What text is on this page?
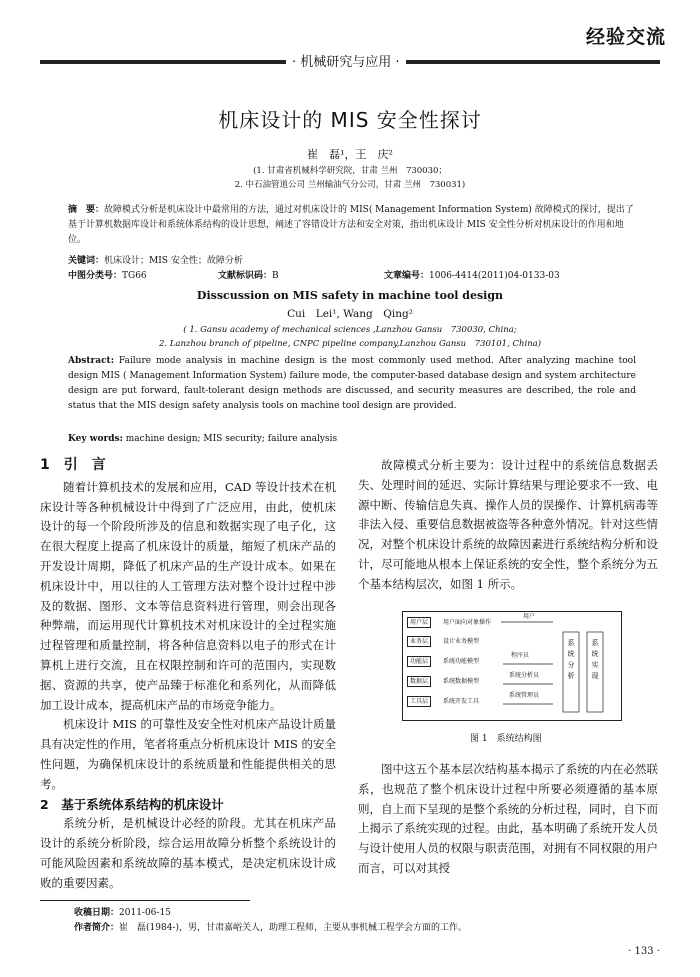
经验交流
· 机械研究与应用 ·
机床设计的 MIS 安全性探讨
崔　磊¹，王　庆²
(1. 甘肃省机械科学研究院，甘肃 兰州　730030；
2. 中石油管道公司 兰州输油气分公司，甘肃 兰州　730031)
摘　要：故障模式分析是机床设计中最常用的方法，通过对机床设计的 MIS( Management Information System) 故障模式的探讨，提出了基于计算机数据库设计和系统体系结构的设计思想，阐述了容错设计方法和安全对策，指出机床设计 MIS 安全性分析对机床设计的作用和地位。
关键词：机床设计；MIS 安全性；故障分析
中图分类号：TG66	文献标识码：B	文章编号：1006-4414(2011)04-0133-03
Disscussion on MIS safety in machine tool design
Cui　Lei¹, Wang　Qing²
( 1. Gansu academy of mechanical sciences ,Lanzhou Gansu　730030, China;
2. Lanzhou branch of pipeline, CNPC pipeline company,Lanzhou Gansu　730101, China)
Abstract: Failure mode analysis in machine design is the most commonly used method. After analyzing machine tool design MIS ( Management Information System) failure mode, the computer-based database design and system architecture design are put forward, fault-tolerant design methods are discussed, and security measures are described, the role and status that the MIS design safety analysis tools on machine tool design are provided.
Key words: machine design; MIS security; failure analysis
1　引　言

随着计算机技术的发展和应用，CAD 等设计技术在机床设计等各种机械设计中得到了广泛应用，由此，使机床设计的每一个阶段所涉及的信息和数据实现了电子化，这在很大程度上提高了机床设计的质量，缩短了机床产品的开发设计周期，降低了机床产品的生产设计成本。如果在机床设计中，用以往的人工管理方法对整个设计过程中涉及的数据、图形、文本等信息资料进行管理，则会出现各种弊端，而运用现代计算机技术对机床设计的全过程实施过程管理和质量控制，将各种信息资料以电子的形式在计算机上进行交流，且在权限控制和许可的范围内，实现数据、资源的共享，使产品臻于标准化和系列化，从而降低加工设计成本，提高机床产品的市场竞争能力。

机床设计 MIS 的可靠性及安全性对机床产品设计质量具有决定性的作用，笔者将重点分析机床设计 MIS 的安全性问题，为确保机床设计的系统质量和性能提供相关的思考。

2　基于系统体系结构的机床设计

系统分析，是机械设计必经的阶段。尤其在机床产品设计的系统分析阶段，综合运用故障分析整个系统设计的可能风险因素和系统故障的基本模式，是决定机床设计成败的重要因素。

故障模式分析主要为：设计过程中的系统信息数据丢失、处理时间的延迟、实际计算结果与理论要求不一致、电源中断、传输信息失真、操作人员的误操作、计算机病毒等非法入侵、重要信息数据被盗等各种意外情况。针对这些情况，对整个机床设计系统的故障因素进行系统结构分析和设计，尽可能地从根本上保证系统的安全性，整个系统分为五个基本结构层次，如图 1 所示。

用户层	用户面向对象操作
用户
业务层	设计业务模型
功能层	系统功能模型
程序员
数据层	系统数据模型
系统分析员
工具层	系统开发工具
系统管理员
系统分析
系统实现
图 1　系统结构图

图中这五个基本层次结构基本揭示了系统的内在必然联系，也规范了整个机床设计过程中所要必须遵循的基本原则，自上而下呈现的是整个系统的分析过程，同时，自下而上揭示了系统实现的过程。由此，基本明确了系统开发人员与设计使用人员的权限与职责范围，对拥有不同权限的用户而言，可以对其授

收稿日期：2011-06-15
作者简介：崔　磊(1984-)，男，甘肃嘉峪关人，助理工程师，主要从事机械工程学会方面的工作。
· 133 ·
